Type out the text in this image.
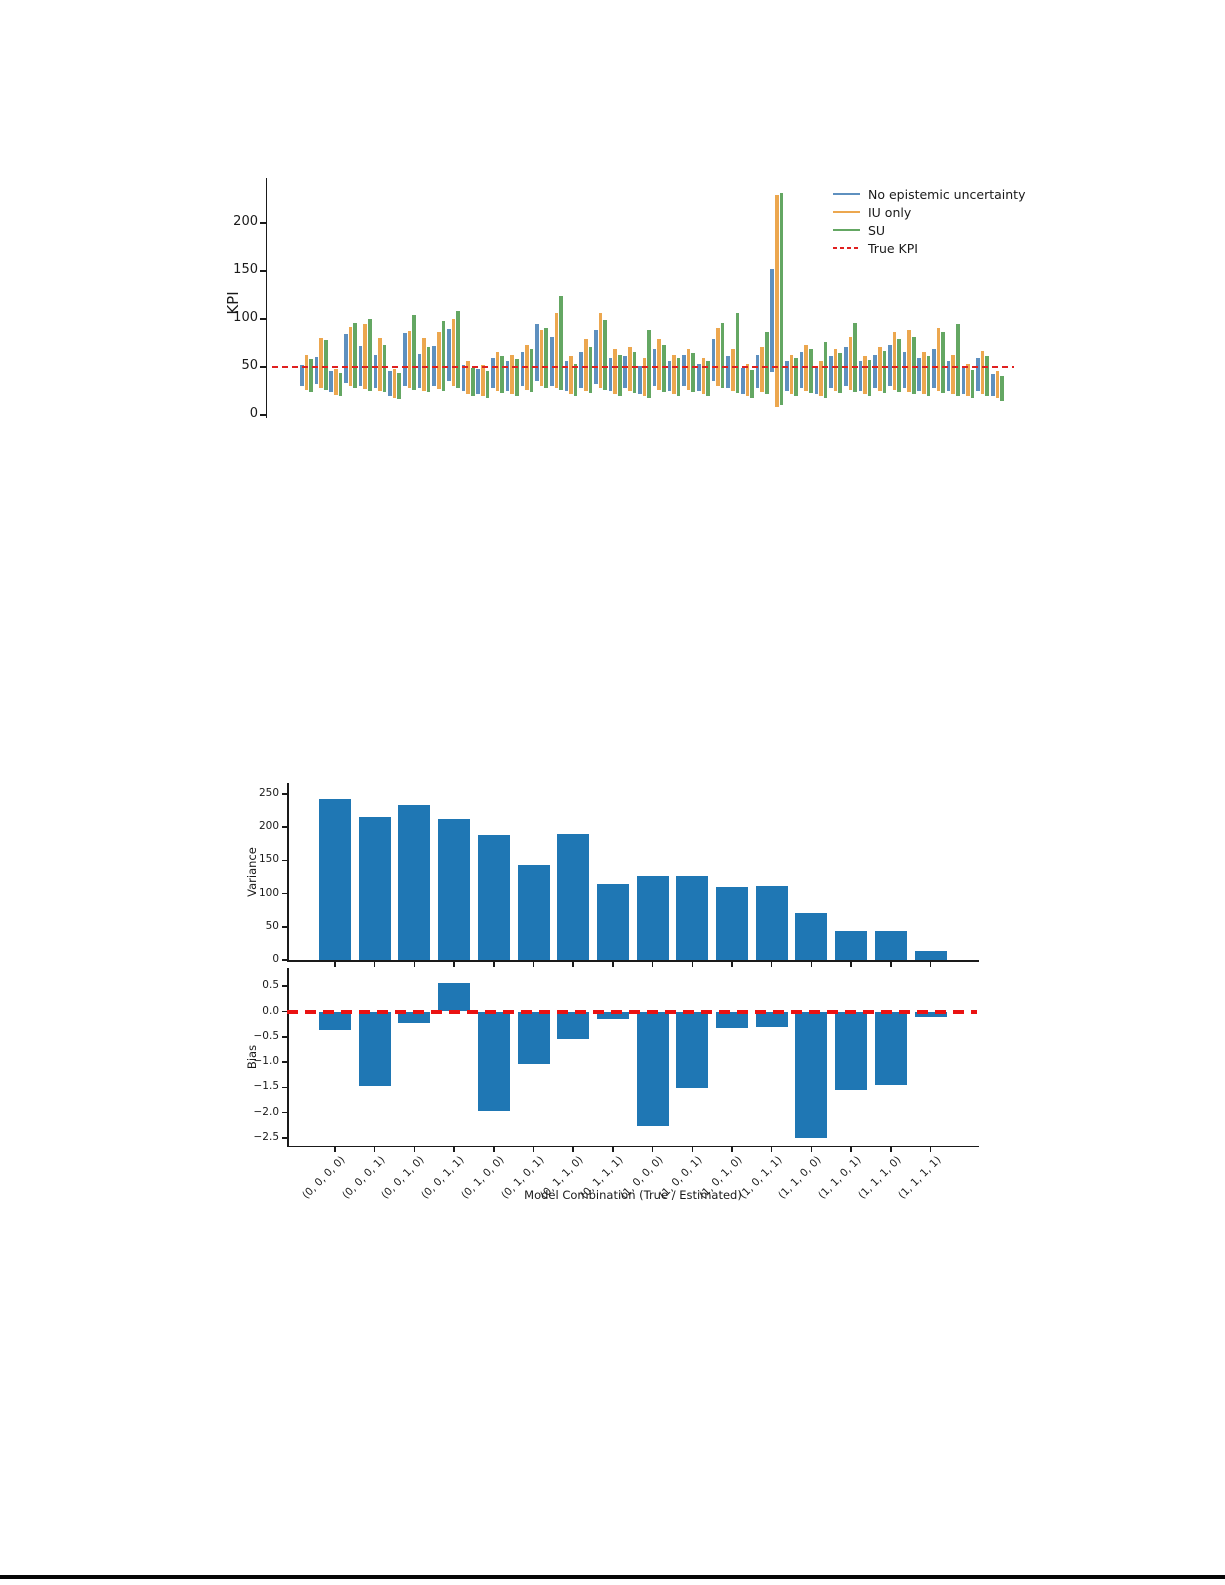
KPI
200
150
100
50
0
No epistemic uncertainty
IU only
SU
True KPI
Variance
250
200
150
100
50
0
Bias
0.5
0.0
−0.5
−1.0
−1.5
−2.0
−2.5
(0, 0, 0, 0)
(0, 0, 0, 1)
(0, 0, 1, 0)
(0, 0, 1, 1)
(0, 1, 0, 0)
(0, 1, 0, 1)
(0, 1, 1, 0)
(0, 1, 1, 1)
(1, 0, 0, 0)
(1, 0, 0, 1)
(1, 0, 1, 0)
(1, 0, 1, 1)
(1, 1, 0, 0)
(1, 1, 0, 1)
(1, 1, 1, 0)
(1, 1, 1, 1)
Model Combination (True / Estimated)
